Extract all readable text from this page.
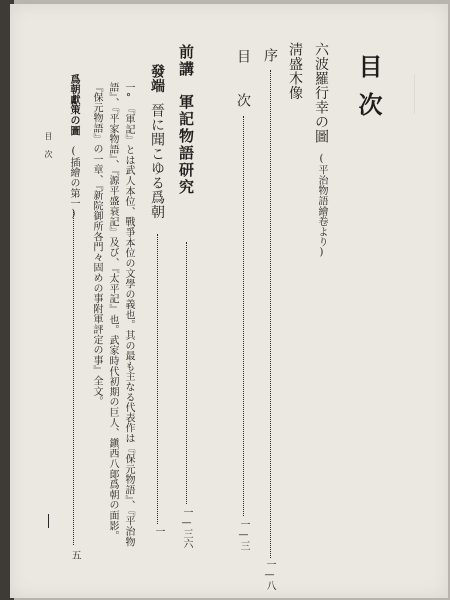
目次
六波羅行幸の圖(平治物語繪卷より)
淸盛木像
序
一—八
目次
一—三
前講軍記物語研究
一—三六
發端晉に聞こゆる爲朝
一
一°『軍記』とは武人本位、戰爭本位の文學の義也。其の最も主なる代表作は『保元物語』、『平治物
語』、『平家物語』、『源平盛衰記』及び、『太平記』也。武家時代初期の巨人、鎭西八郞爲朝の面影。
『保元物語』の一章、『新院御所各門々固めの事附軍評定の事』全文。
爲朝獻策の圖(插繪の第一)
五
目次
